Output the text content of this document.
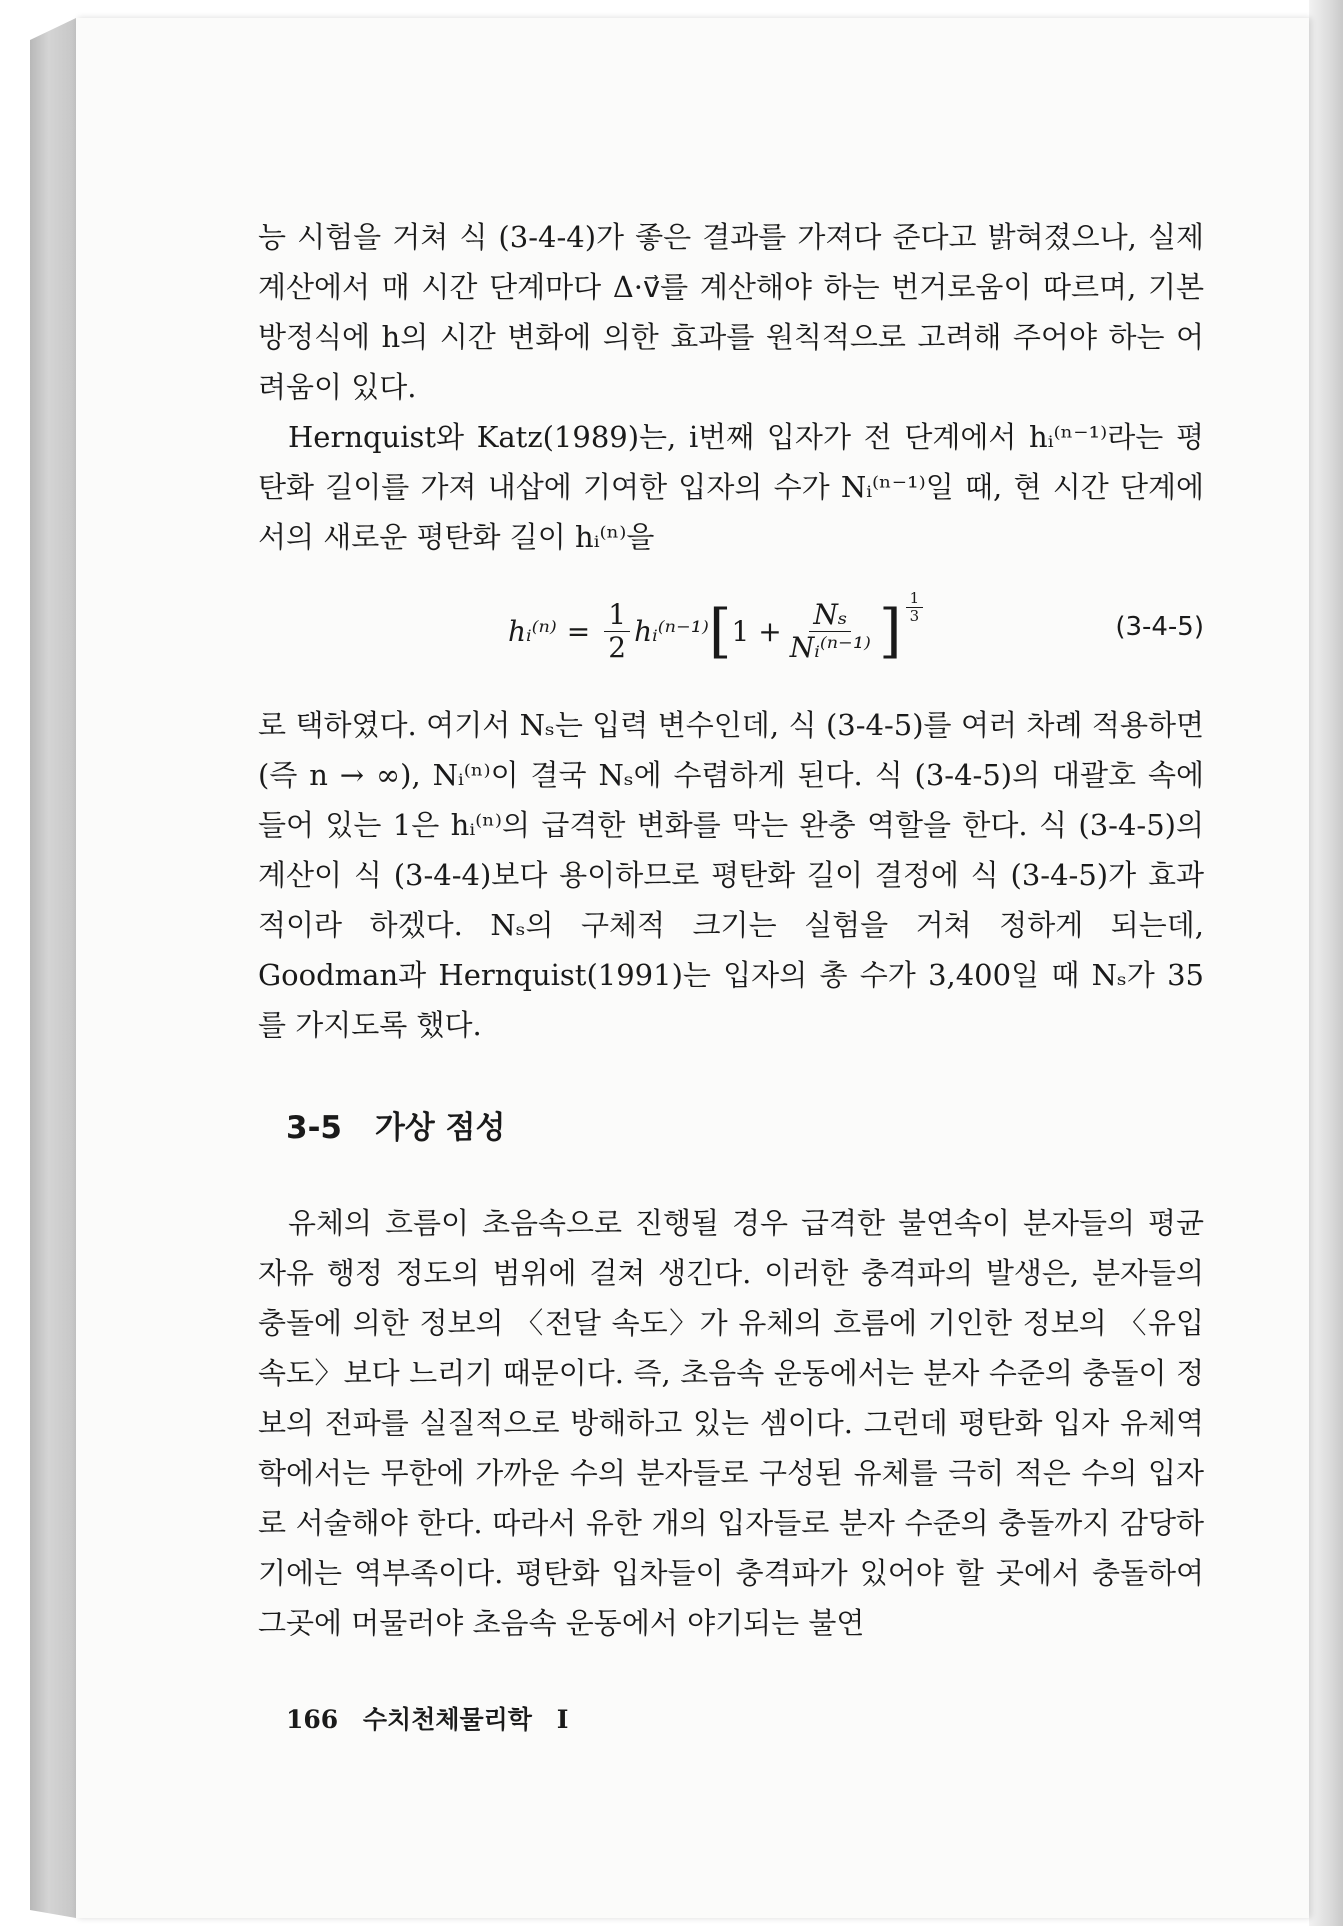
능 시험을 거쳐 식 (3-4-4)가 좋은 결과를 가져다 준다고 밝혀졌으나, 실제 계산에서 매 시간 단계마다 Δ·v⃗를 계산해야 하는 번거로움이 따르며, 기본 방정식에 h의 시간 변화에 의한 효과를 원칙적으로 고려해 주어야 하는 어려움이 있다.

Hernquist와 Katz(1989)는, i번째 입자가 전 단계에서 hᵢ⁽ⁿ⁻¹⁾라는 평탄화 길이를 가져 내삽에 기여한 입자의 수가 Nᵢ⁽ⁿ⁻¹⁾일 때, 현 시간 단계에서의 새로운 평탄화 길이 hᵢ⁽ⁿ⁾을

hᵢ⁽ⁿ⁾ = $\frac{1}{2}$ hᵢ⁽ⁿ⁻¹⁾ [ $1 + \frac{\text{Nₛ}}{\text{Nᵢ⁽ⁿ⁻¹⁾}}$ ] $\frac{1}{3}$
(3-4-5)

로 택하였다. 여기서 Nₛ는 입력 변수인데, 식 (3-4-5)를 여러 차례 적용하면(즉 n → ∞), Nᵢ⁽ⁿ⁾이 결국 Nₛ에 수렴하게 된다. 식 (3-4-5)의 대괄호 속에 들어 있는 1은 hᵢ⁽ⁿ⁾의 급격한 변화를 막는 완충 역할을 한다. 식 (3-4-5)의 계산이 식 (3-4-4)보다 용이하므로 평탄화 길이 결정에 식 (3-4-5)가 효과적이라 하겠다. Nₛ의 구체적 크기는 실험을 거쳐 정하게 되는데, Goodman과 Hernquist(1991)는 입자의 총 수가 3,400일 때 Nₛ가 35를 가지도록 했다.

3-5 가상 점성

유체의 흐름이 초음속으로 진행될 경우 급격한 불연속이 분자들의 평균 자유 행정 정도의 범위에 걸쳐 생긴다. 이러한 충격파의 발생은, 분자들의 충돌에 의한 정보의 〈전달 속도〉가 유체의 흐름에 기인한 정보의 〈유입 속도〉보다 느리기 때문이다. 즉, 초음속 운동에서는 분자 수준의 충돌이 정보의 전파를 실질적으로 방해하고 있는 셈이다. 그런데 평탄화 입자 유체역학에서는 무한에 가까운 수의 분자들로 구성된 유체를 극히 적은 수의 입자로 서술해야 한다. 따라서 유한 개의 입자들로 분자 수준의 충돌까지 감당하기에는 역부족이다. 평탄화 입차들이 충격파가 있어야 할 곳에서 충돌하여 그곳에 머물러야 초음속 운동에서 야기되는 불연

166 수치천체물리학 I
